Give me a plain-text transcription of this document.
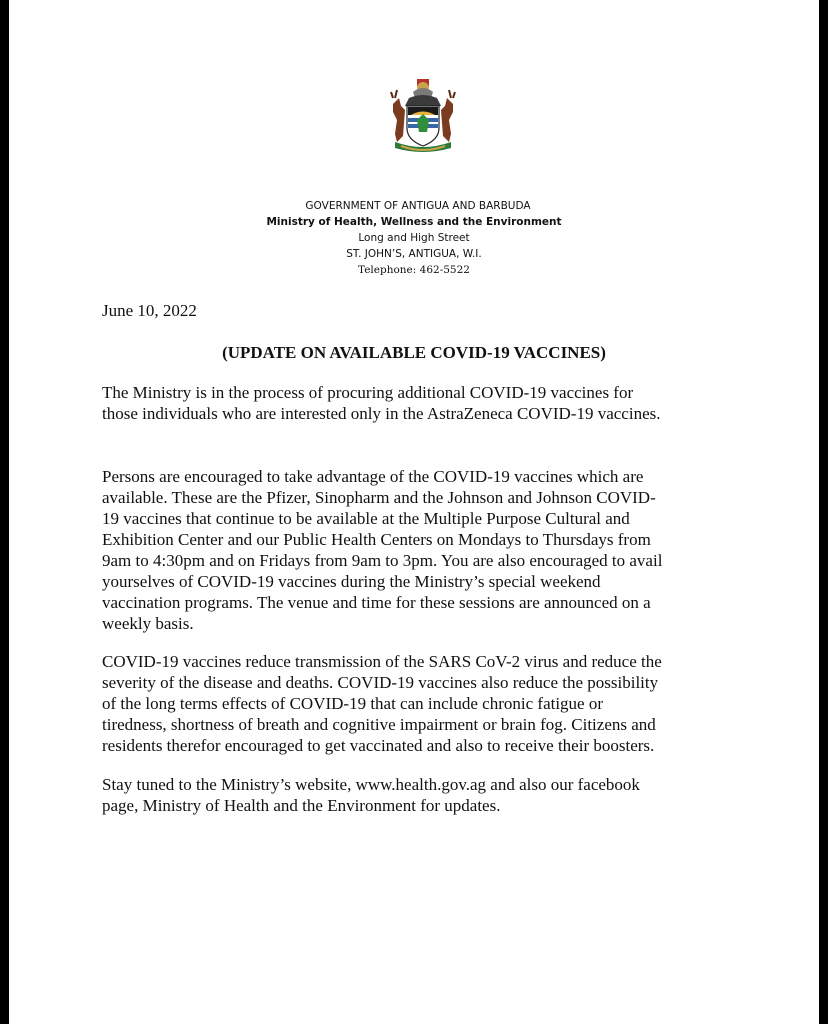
GOVERNMENT OF ANTIGUA AND BARBUDA
Ministry of Health, Wellness and the Environment
Long and High Street
ST. JOHN’S, ANTIGUA, W.I.
Telephone: 462-5522
June 10, 2022
(UPDATE ON AVAILABLE COVID-19 VACCINES)

The Ministry is in the process of procuring additional COVID-19 vaccines for
those individuals who are interested only in the AstraZeneca COVID-19 vaccines.

Persons are encouraged to take advantage of the COVID-19 vaccines which are
available. These are the Pfizer, Sinopharm and the Johnson and Johnson COVID-
19 vaccines that continue to be available at the Multiple Purpose Cultural and
Exhibition Center and our Public Health Centers on Mondays to Thursdays from
9am to 4:30pm and on Fridays from 9am to 3pm. You are also encouraged to avail
yourselves of COVID-19 vaccines during the Ministry’s special weekend
vaccination programs. The venue and time for these sessions are announced on a
weekly basis.

COVID-19 vaccines reduce transmission of the SARS CoV-2 virus and reduce the
severity of the disease and deaths. COVID-19 vaccines also reduce the possibility
of the long terms effects of COVID-19 that can include chronic fatigue or
tiredness, shortness of breath and cognitive impairment or brain fog. Citizens and
residents therefor encouraged to get vaccinated and also to receive their boosters.

Stay tuned to the Ministry’s website, www.health.gov.ag and also our facebook
page, Ministry of Health and the Environment for updates.
